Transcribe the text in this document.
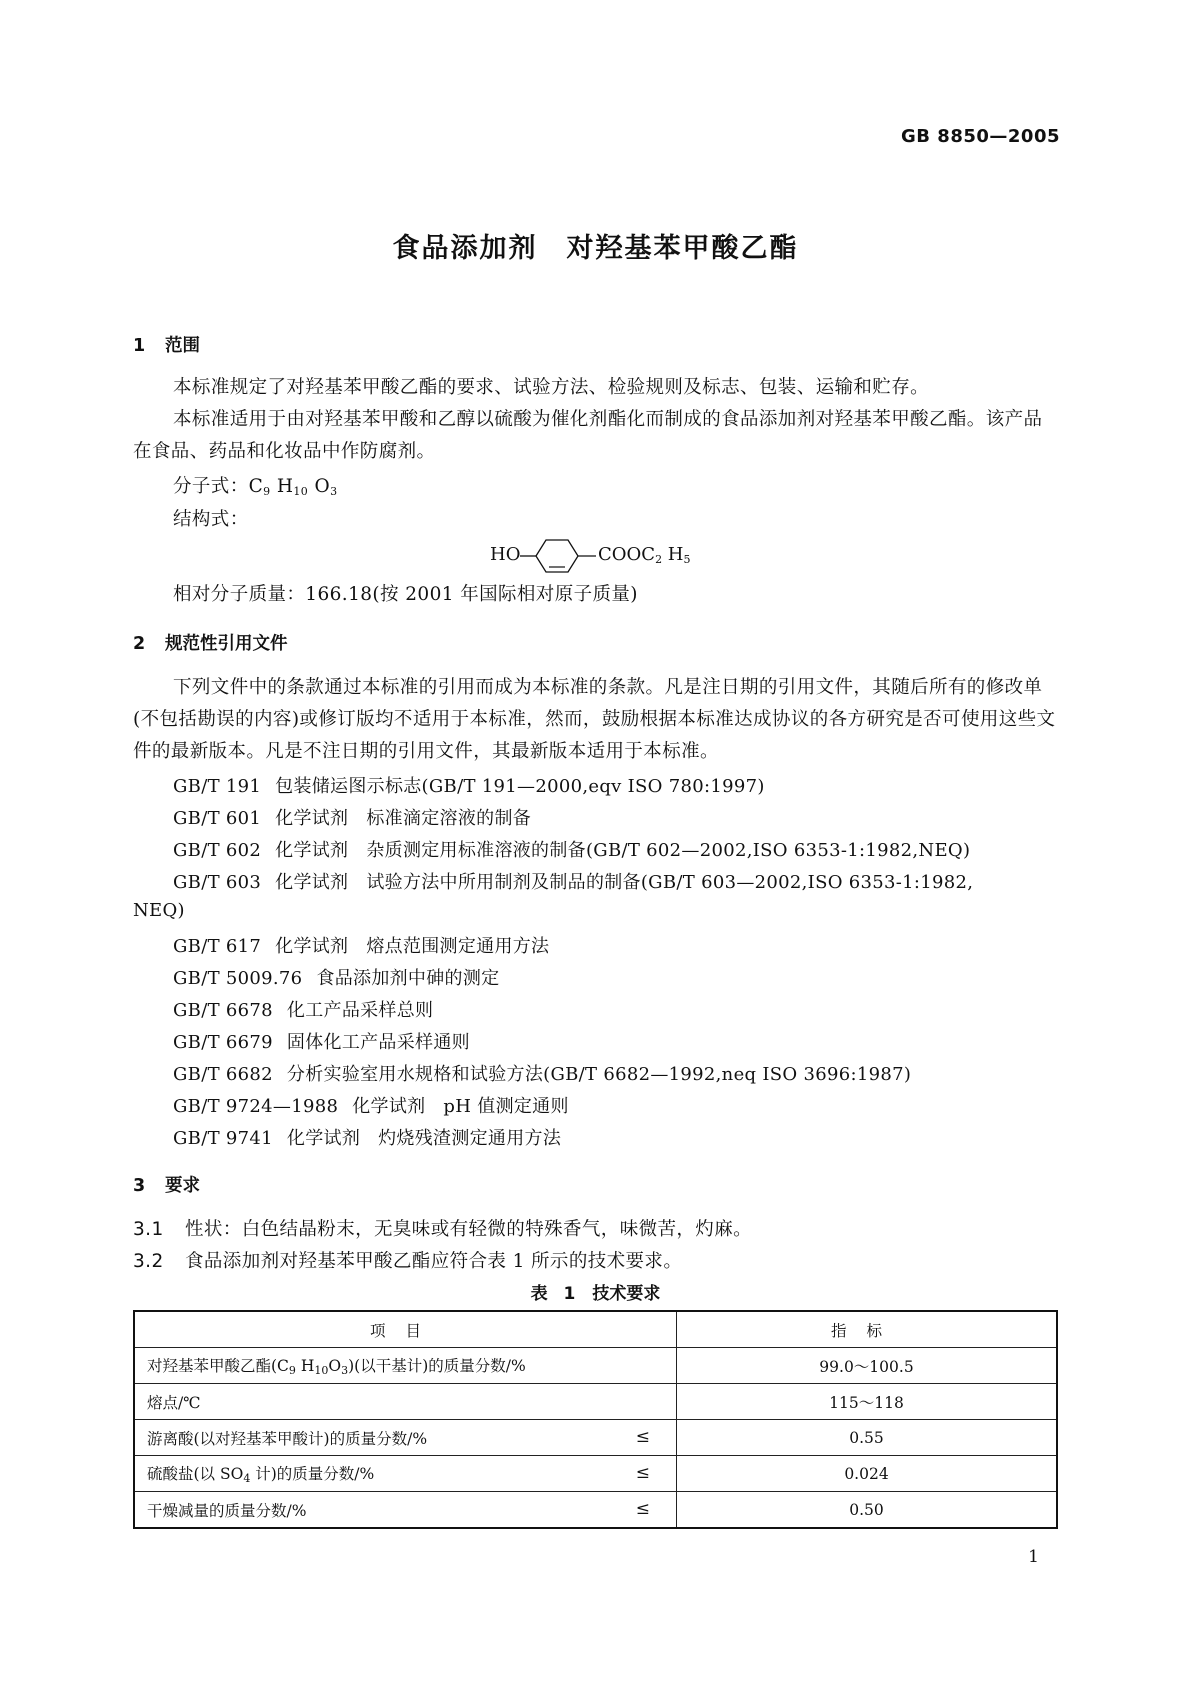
GB 8850—2005
食品添加剂　对羟基苯甲酸乙酯
1 范围
本标准规定了对羟基苯甲酸乙酯的要求、试验方法、检验规则及标志、包装、运输和贮存。
本标准适用于由对羟基苯甲酸和乙醇以硫酸为催化剂酯化而制成的食品添加剂对羟基苯甲酸乙酯。该产品在食品、药品和化妆品中作防腐剂。
分子式：$C_9$ $H_{10}$ $O_3$
结构式：
HO	$COOC_2$ $H_5$
相对分子质量：166.18(按 2001 年国际相对原子质量)
2 规范性引用文件
下列文件中的条款通过本标准的引用而成为本标准的条款。凡是注日期的引用文件，其随后所有的修改单(不包括勘误的内容)或修订版均不适用于本标准，然而，鼓励根据本标准达成协议的各方研究是否可使用这些文件的最新版本。凡是不注日期的引用文件，其最新版本适用于本标准。
GB/T 191 包装储运图示标志(GB/T 191—2000,eqv ISO 780:1997)
GB/T 601 化学试剂 标准滴定溶液的制备
GB/T 602 化学试剂 杂质测定用标准溶液的制备(GB/T 602—2002,ISO 6353-1:1982,NEQ)
GB/T 603 化学试剂 试验方法中所用制剂及制品的制备(GB/T 603—2002,ISO 6353-1:1982,
NEQ)
GB/T 617 化学试剂 熔点范围测定通用方法
GB/T 5009.76 食品添加剂中砷的测定
GB/T 6678 化工产品采样总则
GB/T 6679 固体化工产品采样通则
GB/T 6682 分析实验室用水规格和试验方法(GB/T 6682—1992,neq ISO 3696:1987)
GB/T 9724—1988 化学试剂 pH 值测定通则
GB/T 9741 化学试剂 灼烧残渣测定通用方法
3 要求
3.1 性状：白色结晶粉末，无臭味或有轻微的特殊香气，味微苦，灼麻。
3.2 食品添加剂对羟基苯甲酸乙酯应符合表 1 所示的技术要求。
表 1　技术要求
项目	指标
对羟基苯甲酸乙酯($C_9$ $H_{10}O_3$)(以干基计)的质量分数/%	99.0～100.5
熔点/℃	115～118
游离酸(以对羟基苯甲酸计)的质量分数/% ≤	0.55
硫酸盐(以 $SO_4$ 计)的质量分数/% ≤	0.024
干燥减量的质量分数/% ≤	0.50
1
